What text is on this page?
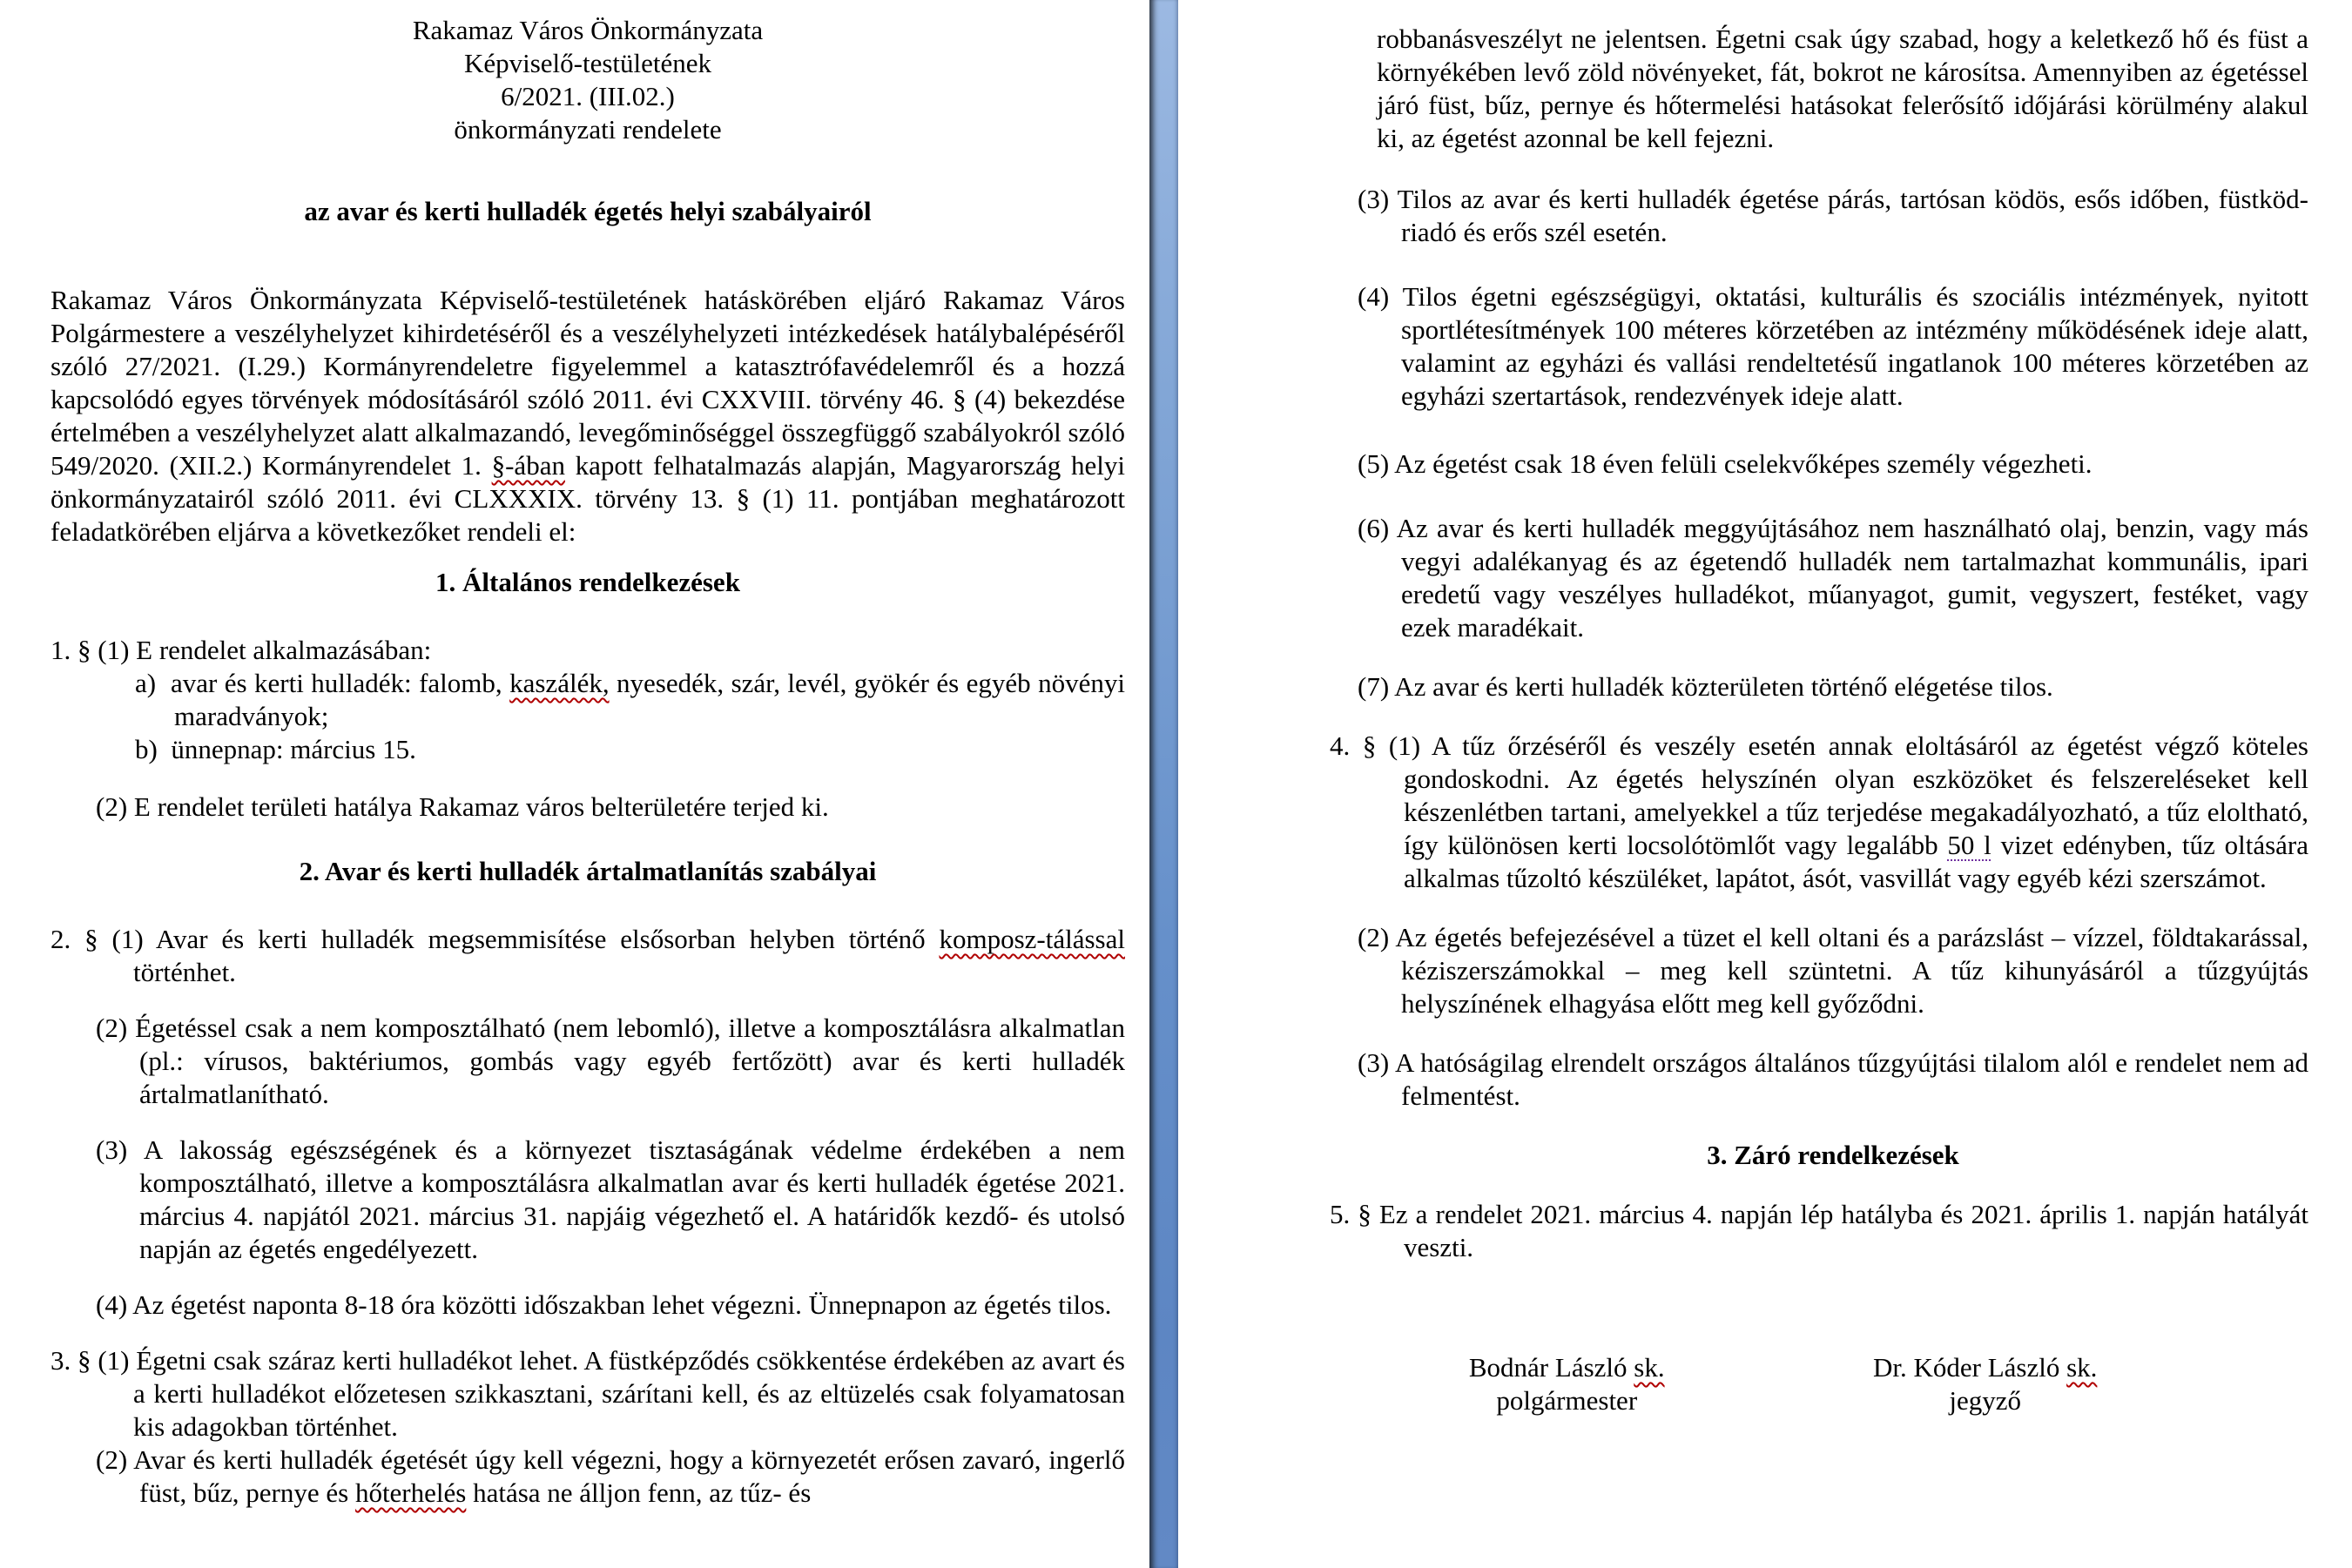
Rakamaz Város Önkormányzata
Képviselő-testületének
6/2021. (III.02.)
önkormányzati rendelete
az avar és kerti hulladék égetés helyi szabályairól
Rakamaz Város Önkormányzata Képviselő-testületének hatáskörében eljáró Rakamaz Város Polgármestere a veszélyhelyzet kihirdetéséről és a veszélyhelyzeti intézkedések hatálybalépéséről szóló 27/2021. (I.29.) Kormányrendeletre figyelemmel a katasztrófavédelemről és a hozzá kapcsolódó egyes törvények módosításáról szóló 2011. évi CXXVIII. törvény 46. § (4) bekezdése értelmében a veszélyhelyzet alatt alkalmazandó, levegőminőséggel összegfüggő szabályokról szóló 549/2020. (XII.2.) Kormányrendelet 1. §-ában kapott felhatalmazás alapján, Magyarország helyi önkormányzatairól szóló 2011. évi CLXXXIX. törvény 13. § (1) 11. pontjában meghatározott feladatkörében eljárva a következőket rendeli el:
1. Általános rendelkezések
1. § (1) E rendelet alkalmazásában:
a)  avar és kerti hulladék: falomb, kaszálék, nyesedék, szár, levél, gyökér és egyéb növényi maradványok;
b)  ünnepnap: március 15.
(2) E rendelet területi hatálya Rakamaz város belterületére terjed ki.
2. Avar és kerti hulladék ártalmatlanítás szabályai
2. § (1) Avar és kerti hulladék megsemmisítése elsősorban helyben történő komposz-tálással történhet.
(2) Égetéssel csak a nem komposztálható (nem lebomló), illetve a komposztálásra alkalmatlan (pl.: vírusos, baktériumos, gombás vagy egyéb fertőzött) avar és kerti hulladék ártalmatlanítható.
(3) A lakosság egészségének és a környezet tisztaságának védelme érdekében a nem komposztálható, illetve a komposztálásra alkalmatlan avar és kerti hulladék égetése 2021. március 4. napjától 2021. március 31. napjáig végezhető el. A határidők kezdő- és utolsó napján az égetés engedélyezett.
(4) Az égetést naponta 8-18 óra közötti időszakban lehet végezni. Ünnepnapon az égetés tilos.
3. § (1) Égetni csak száraz kerti hulladékot lehet. A füstképződés csökkentése érdekében az avart és a kerti hulladékot előzetesen szikkasztani, szárítani kell, és az eltüzelés csak folyamatosan kis adagokban történhet.
(2) Avar és kerti hulladék égetését úgy kell végezni, hogy a környezetét erősen zavaró, ingerlő füst, bűz, pernye és hőterhelés hatása ne álljon fenn, az tűz- és
robbanásveszélyt ne jelentsen. Égetni csak úgy szabad, hogy a keletkező hő és füst a környékében levő zöld növényeket, fát, bokrot ne károsítsa. Amennyiben az égetéssel járó füst, bűz, pernye és hőtermelési hatásokat felerősítő időjárási körülmény alakul ki, az égetést azonnal be kell fejezni.
(3) Tilos az avar és kerti hulladék égetése párás, tartósan ködös, esős időben, füstköd-riadó és erős szél esetén.
(4) Tilos égetni egészségügyi, oktatási, kulturális és szociális intézmények, nyitott sportlétesítmények 100 méteres körzetében az intézmény működésének ideje alatt, valamint az egyházi és vallási rendeltetésű ingatlanok 100 méteres körzetében az egyházi szertartások, rendezvények ideje alatt.
(5) Az égetést csak 18 éven felüli cselekvőképes személy végezheti.
(6) Az avar és kerti hulladék meggyújtásához nem használható olaj, benzin, vagy más vegyi adalékanyag és az égetendő hulladék nem tartalmazhat kommunális, ipari eredetű vagy veszélyes hulladékot, műanyagot, gumit, vegyszert, festéket, vagy ezek maradékait.
(7) Az avar és kerti hulladék közterületen történő elégetése tilos.
4. § (1) A tűz őrzéséről és veszély esetén annak eloltásáról az égetést végző köteles gondoskodni. Az égetés helyszínén olyan eszközöket és felszereléseket kell készenlétben tartani, amelyekkel a tűz terjedése megakadályozható, a tűz eloltható, így különösen kerti locsolótömlőt vagy legalább 50 l vizet edényben, tűz oltására alkalmas tűzoltó készüléket, lapátot, ásót, vasvillát vagy egyéb kézi szerszámot.
(2) Az égetés befejezésével a tüzet el kell oltani és a parázslást – vízzel, földtakarással, kéziszerszámokkal – meg kell szüntetni. A tűz kihunyásáról a tűzgyújtás helyszínének elhagyása előtt meg kell győződni.
(3) A hatóságilag elrendelt országos általános tűzgyújtási tilalom alól e rendelet nem ad felmentést.
3. Záró rendelkezések
5. § Ez a rendelet 2021. március 4. napján lép hatályba és 2021. április 1. napján hatályát veszti.
Bodnár László sk.
polgármester
Dr. Kóder László sk.
jegyző
